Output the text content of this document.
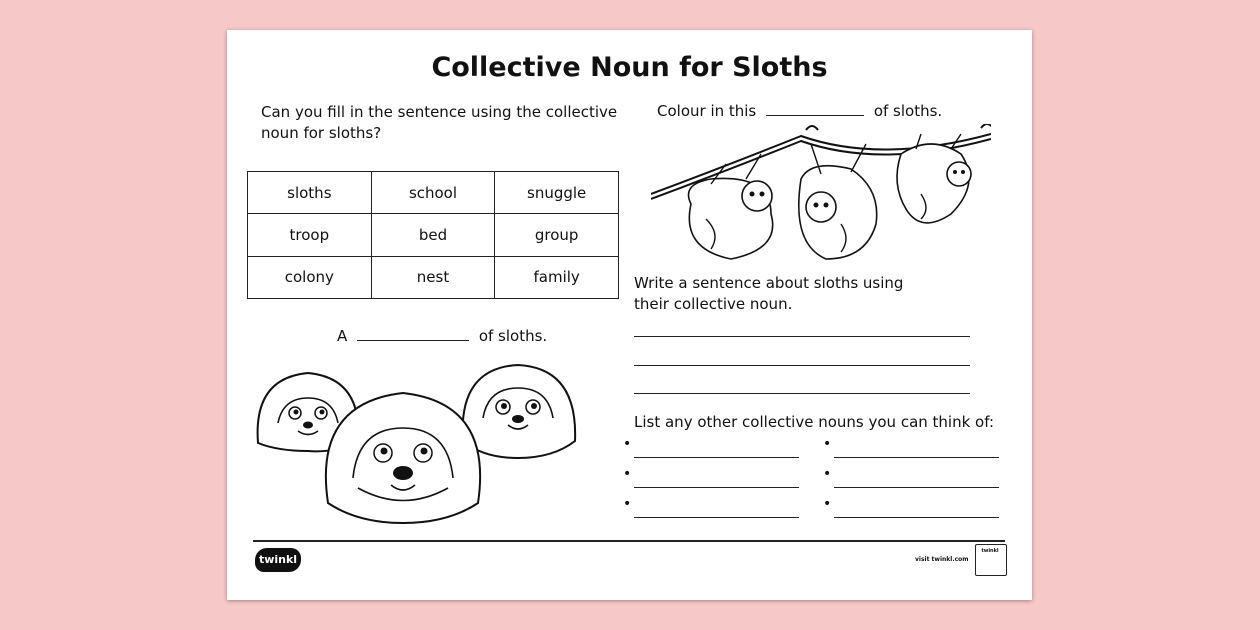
Collective Noun for Sloths
Can you fill in the sentence using the collective noun for sloths?
sloths	school	snuggle
troop	bed	group
colony	nest	family
A	of sloths.
Colour in this	of sloths.
Write a sentence about sloths using their collective noun.
List any other collective nouns you can think of:
•
•
•
•
•
•
twinkl	visit twinkl.com
twinkl
